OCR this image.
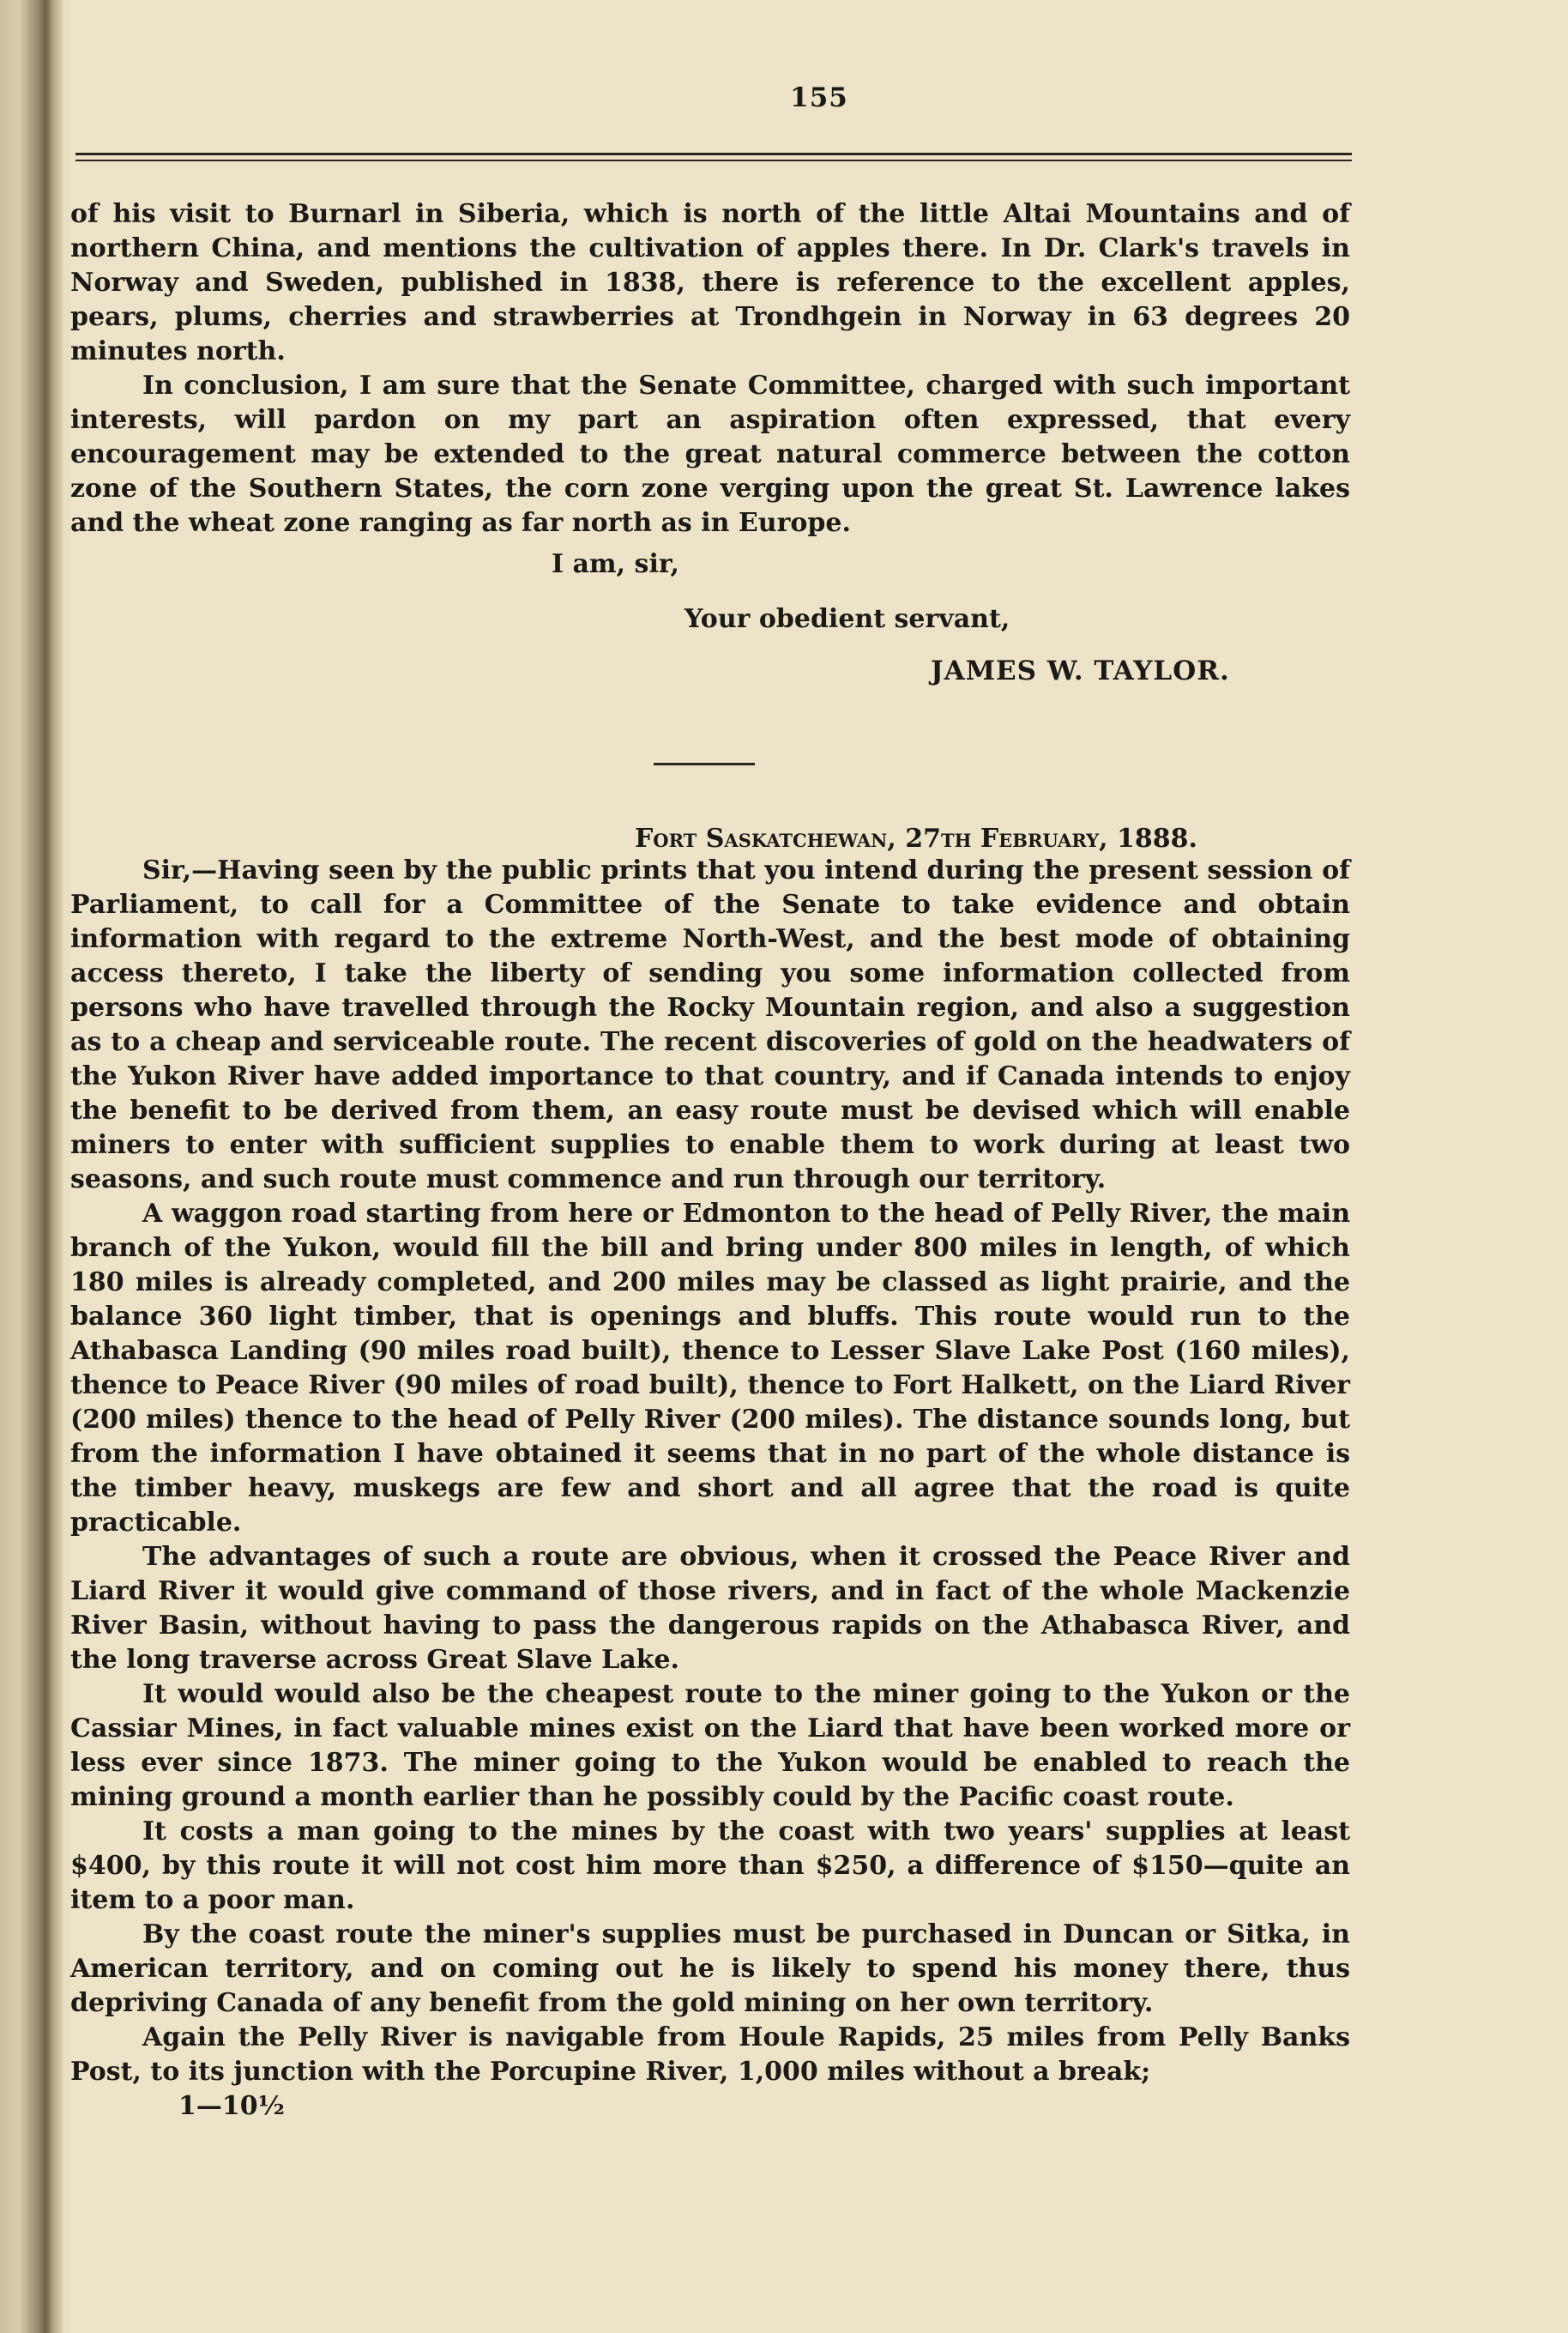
155

of his visit to Burnarl in Siberia, which is north of the little Altai Mountains and of northern China, and mentions the cultivation of apples there. In Dr. Clark's travels in Norway and Sweden, published in 1838, there is reference to the excellent apples, pears, plums, cherries and strawberries at Trondhgein in Norway in 63 degrees 20 minutes north.

In conclusion, I am sure that the Senate Committee, charged with such important interests, will pardon on my part an aspiration often expressed, that every encouragement may be extended to the great natural commerce between the cotton zone of the Southern States, the corn zone verging upon the great St. Lawrence lakes and the wheat zone ranging as far north as in Europe.

I am, sir,
Your obedient servant,
JAMES W. TAYLOR.
Fort Saskatchewan, 27th February, 1888.

Sir,—Having seen by the public prints that you intend during the present session of Parliament, to call for a Committee of the Senate to take evidence and obtain information with regard to the extreme North-West, and the best mode of obtaining access thereto, I take the liberty of sending you some information collected from persons who have travelled through the Rocky Mountain region, and also a suggestion as to a cheap and serviceable route. The recent discoveries of gold on the headwaters of the Yukon River have added importance to that country, and if Canada intends to enjoy the benefit to be derived from them, an easy route must be devised which will enable miners to enter with sufficient supplies to enable them to work during at least two seasons, and such route must commence and run through our territory.

A waggon road starting from here or Edmonton to the head of Pelly River, the main branch of the Yukon, would fill the bill and bring under 800 miles in length, of which 180 miles is already completed, and 200 miles may be classed as light prairie, and the balance 360 light timber, that is openings and bluffs. This route would run to the Athabasca Landing (90 miles road built), thence to Lesser Slave Lake Post (160 miles), thence to Peace River (90 miles of road built), thence to Fort Halkett, on the Liard River (200 miles) thence to the head of Pelly River (200 miles). The distance sounds long, but from the information I have obtained it seems that in no part of the whole distance is the timber heavy, muskegs are few and short and all agree that the road is quite practicable.

The advantages of such a route are obvious, when it crossed the Peace River and Liard River it would give command of those rivers, and in fact of the whole Mackenzie River Basin, without having to pass the dangerous rapids on the Athabasca River, and the long traverse across Great Slave Lake.

It would would also be the cheapest route to the miner going to the Yukon or the Cassiar Mines, in fact valuable mines exist on the Liard that have been worked more or less ever since 1873. The miner going to the Yukon would be enabled to reach the mining ground a month earlier than he possibly could by the Pacific coast route.

It costs a man going to the mines by the coast with two years' supplies at least $400, by this route it will not cost him more than $250, a difference of $150—quite an item to a poor man.

By the coast route the miner's supplies must be purchased in Duncan or Sitka, in American territory, and on coming out he is likely to spend his money there, thus depriving Canada of any benefit from the gold mining on her own territory.

Again the Pelly River is navigable from Houle Rapids, 25 miles from Pelly Banks Post, to its junction with the Porcupine River, 1,000 miles without a break;

1—10½
